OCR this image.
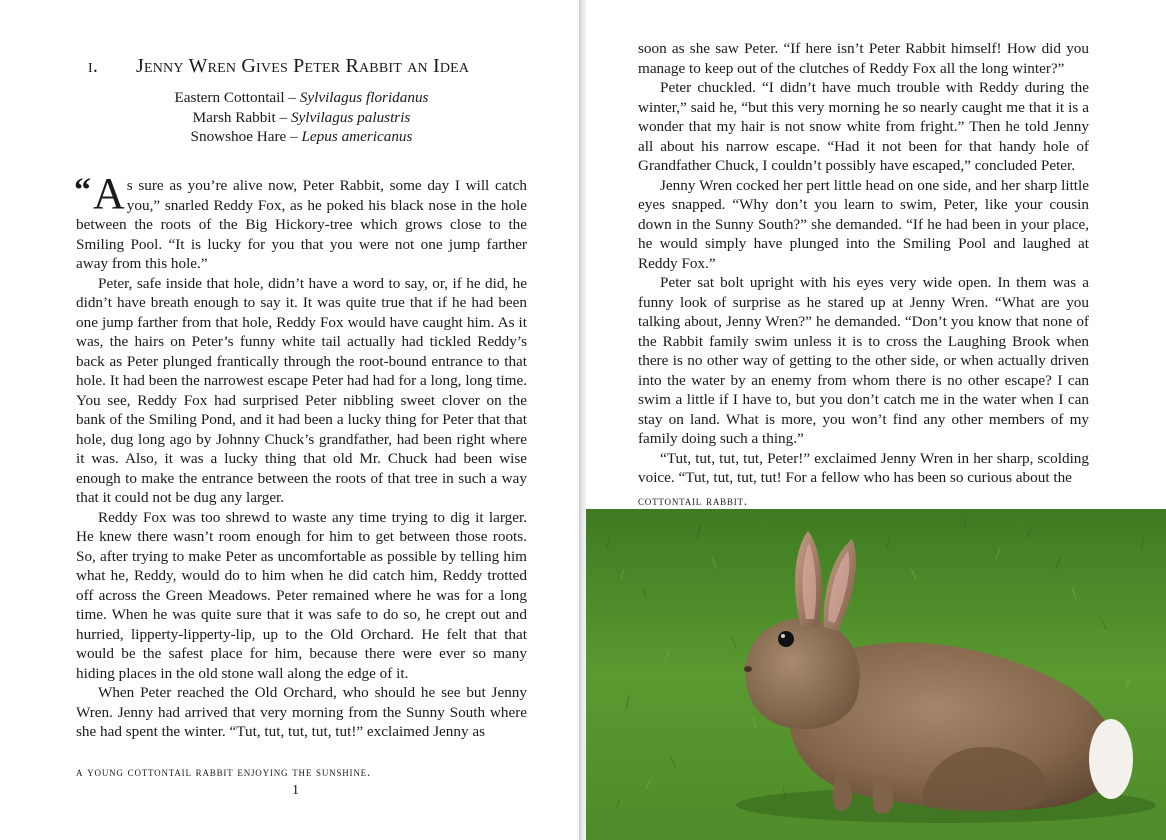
i. Jenny Wren Gives Peter Rabbit an Idea
Eastern Cottontail – Sylvilagus floridanus
Marsh Rabbit – Sylvilagus palustris
Snowshoe Hare – Lepus americanus

“ A s sure as you’re alive now, Peter Rabbit, some day I will catch you,” snarled Reddy Fox, as he poked his black nose in the hole between the roots of the Big Hickory-tree which grows close to the Smiling Pool. “It is lucky for you that you were not one jump farther away from this hole.”

Peter, safe inside that hole, didn’t have a word to say, or, if he did, he didn’t have breath enough to say it. It was quite true that if he had been one jump farther from that hole, Reddy Fox would have caught him. As it was, the hairs on Peter’s funny white tail actually had tickled Reddy’s back as Peter plunged frantically through the root-bound entrance to that hole. It had been the narrowest escape Peter had had for a long, long time. You see, Reddy Fox had surprised Peter nibbling sweet clover on the bank of the Smiling Pond, and it had been a lucky thing for Peter that that hole, dug long ago by Johnny Chuck’s grandfather, had been right where it was. Also, it was a lucky thing that old Mr. Chuck had been wise enough to make the entrance between the roots of that tree in such a way that it could not be dug any larger.

Reddy Fox was too shrewd to waste any time trying to dig it larger. He knew there wasn’t room enough for him to get between those roots. So, after trying to make Peter as uncomfortable as possible by telling him what he, Reddy, would do to him when he did catch him, Reddy trotted off across the Green Meadows. Peter remained where he was for a long time. When he was quite sure that it was safe to do so, he crept out and hurried, lipperty-lipperty-lip, up to the Old Orchard. He felt that that would be the safest place for him, because there were ever so many hiding places in the old stone wall along the edge of it.

When Peter reached the Old Orchard, who should he see but Jenny Wren. Jenny had arrived that very morning from the Sunny South where she had spent the winter. “Tut, tut, tut, tut, tut!” exclaimed Jenny as

a young cottontail rabbit enjoying the sunshine.
1

soon as she saw Peter. “If here isn’t Peter Rabbit himself! How did you manage to keep out of the clutches of Reddy Fox all the long winter?”

Peter chuckled. “I didn’t have much trouble with Reddy during the winter,” said he, “but this very morning he so nearly caught me that it is a wonder that my hair is not snow white from fright.” Then he told Jenny all about his narrow escape. “Had it not been for that handy hole of Grandfather Chuck, I couldn’t possibly have escaped,” concluded Peter.

Jenny Wren cocked her pert little head on one side, and her sharp little eyes snapped. “Why don’t you learn to swim, Peter, like your cousin down in the Sunny South?” she demanded. “If he had been in your place, he would simply have plunged into the Smiling Pool and laughed at Reddy Fox.”

Peter sat bolt upright with his eyes very wide open. In them was a funny look of surprise as he stared up at Jenny Wren. “What are you talking about, Jenny Wren?” he demanded. “Don’t you know that none of the Rabbit family swim unless it is to cross the Laughing Brook when there is no other way of getting to the other side, or when actually driven into the water by an enemy from whom there is no other escape? I can swim a little if I have to, but you don’t catch me in the water when I can stay on land. What is more, you won’t find any other members of my family doing such a thing.”

“Tut, tut, tut, tut, Peter!” exclaimed Jenny Wren in her sharp, scolding voice. “Tut, tut, tut, tut! For a fellow who has been so curious about the

cottontail rabbit.
